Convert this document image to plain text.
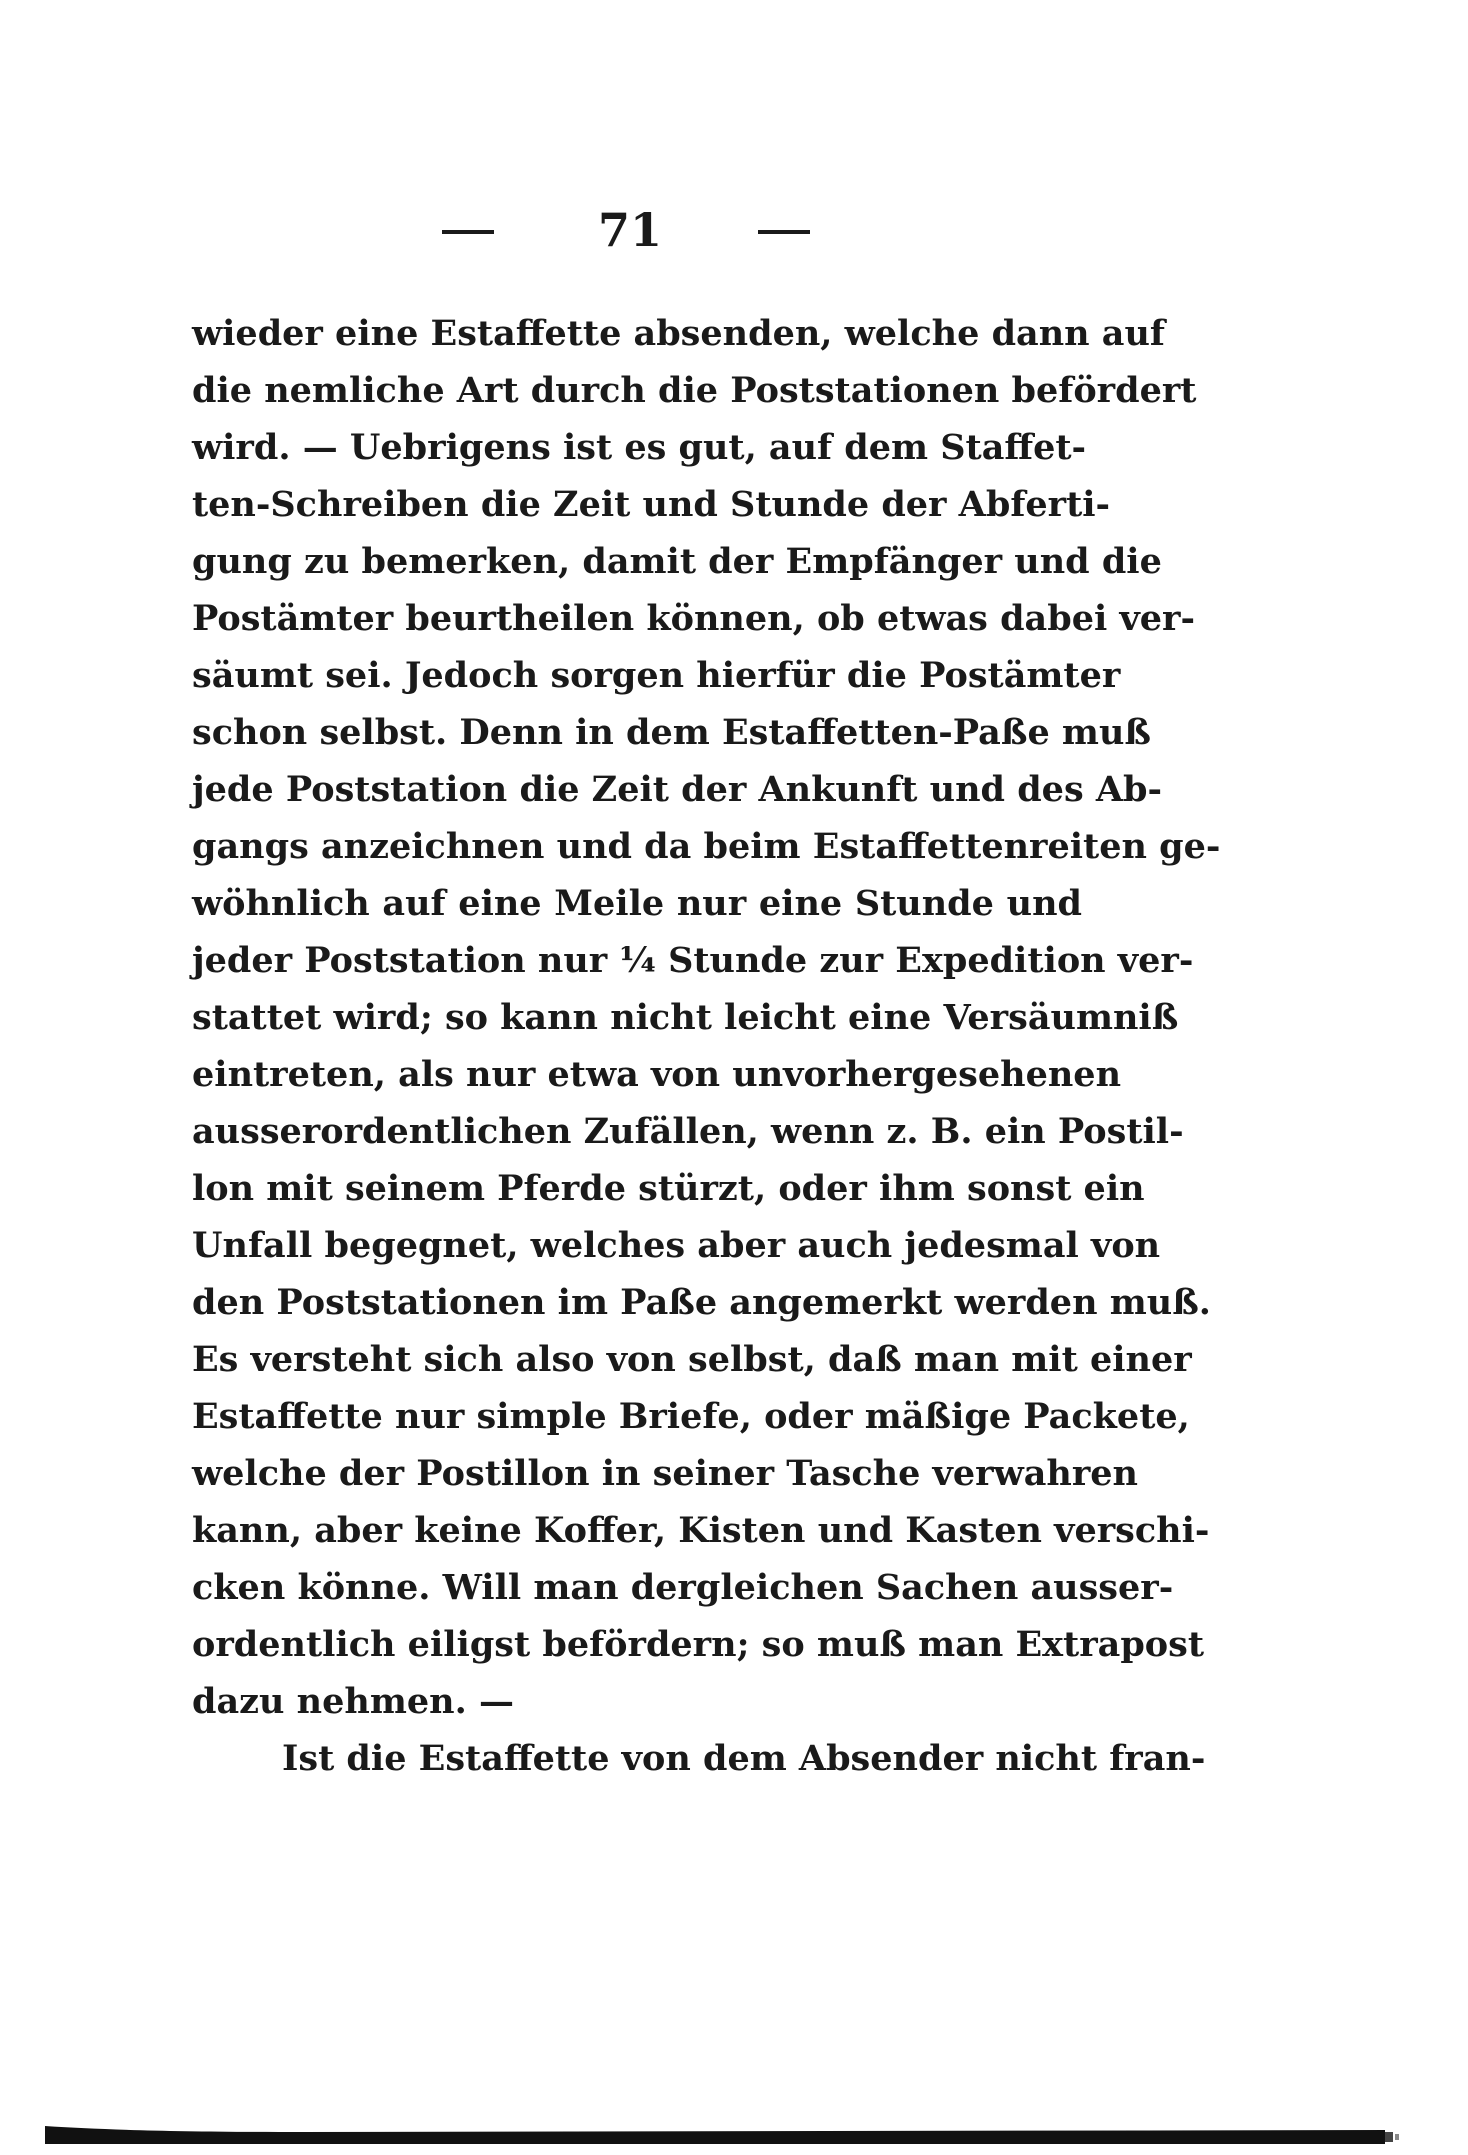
71
wieder eine Estaffette absenden, welche dann auf
die nemliche Art durch die Poststationen befördert
wird. — Uebrigens ist es gut, auf dem Staffet-
ten-Schreiben die Zeit und Stunde der Abferti-
gung zu bemerken, damit der Empfänger und die
Postämter beurtheilen können, ob etwas dabei ver-
säumt sei. Jedoch sorgen hierfür die Postämter
schon selbst. Denn in dem Estaffetten-Paße muß
jede Poststation die Zeit der Ankunft und des Ab-
gangs anzeichnen und da beim Estaffettenreiten ge-
wöhnlich auf eine Meile nur eine Stunde und
jeder Poststation nur ¼ Stunde zur Expedition ver-
stattet wird; so kann nicht leicht eine Versäumniß
eintreten, als nur etwa von unvorhergesehenen
ausserordentlichen Zufällen, wenn z. B. ein Postil-
lon mit seinem Pferde stürzt, oder ihm sonst ein
Unfall begegnet, welches aber auch jedesmal von
den Poststationen im Paße angemerkt werden muß.
Es versteht sich also von selbst, daß man mit einer
Estaffette nur simple Briefe, oder mäßige Packete,
welche der Postillon in seiner Tasche verwahren
kann, aber keine Koffer, Kisten und Kasten verschi-
cken könne. Will man dergleichen Sachen ausser-
ordentlich eiligst befördern; so muß man Extrapost
dazu nehmen. —
Ist die Estaffette von dem Absender nicht fran-
